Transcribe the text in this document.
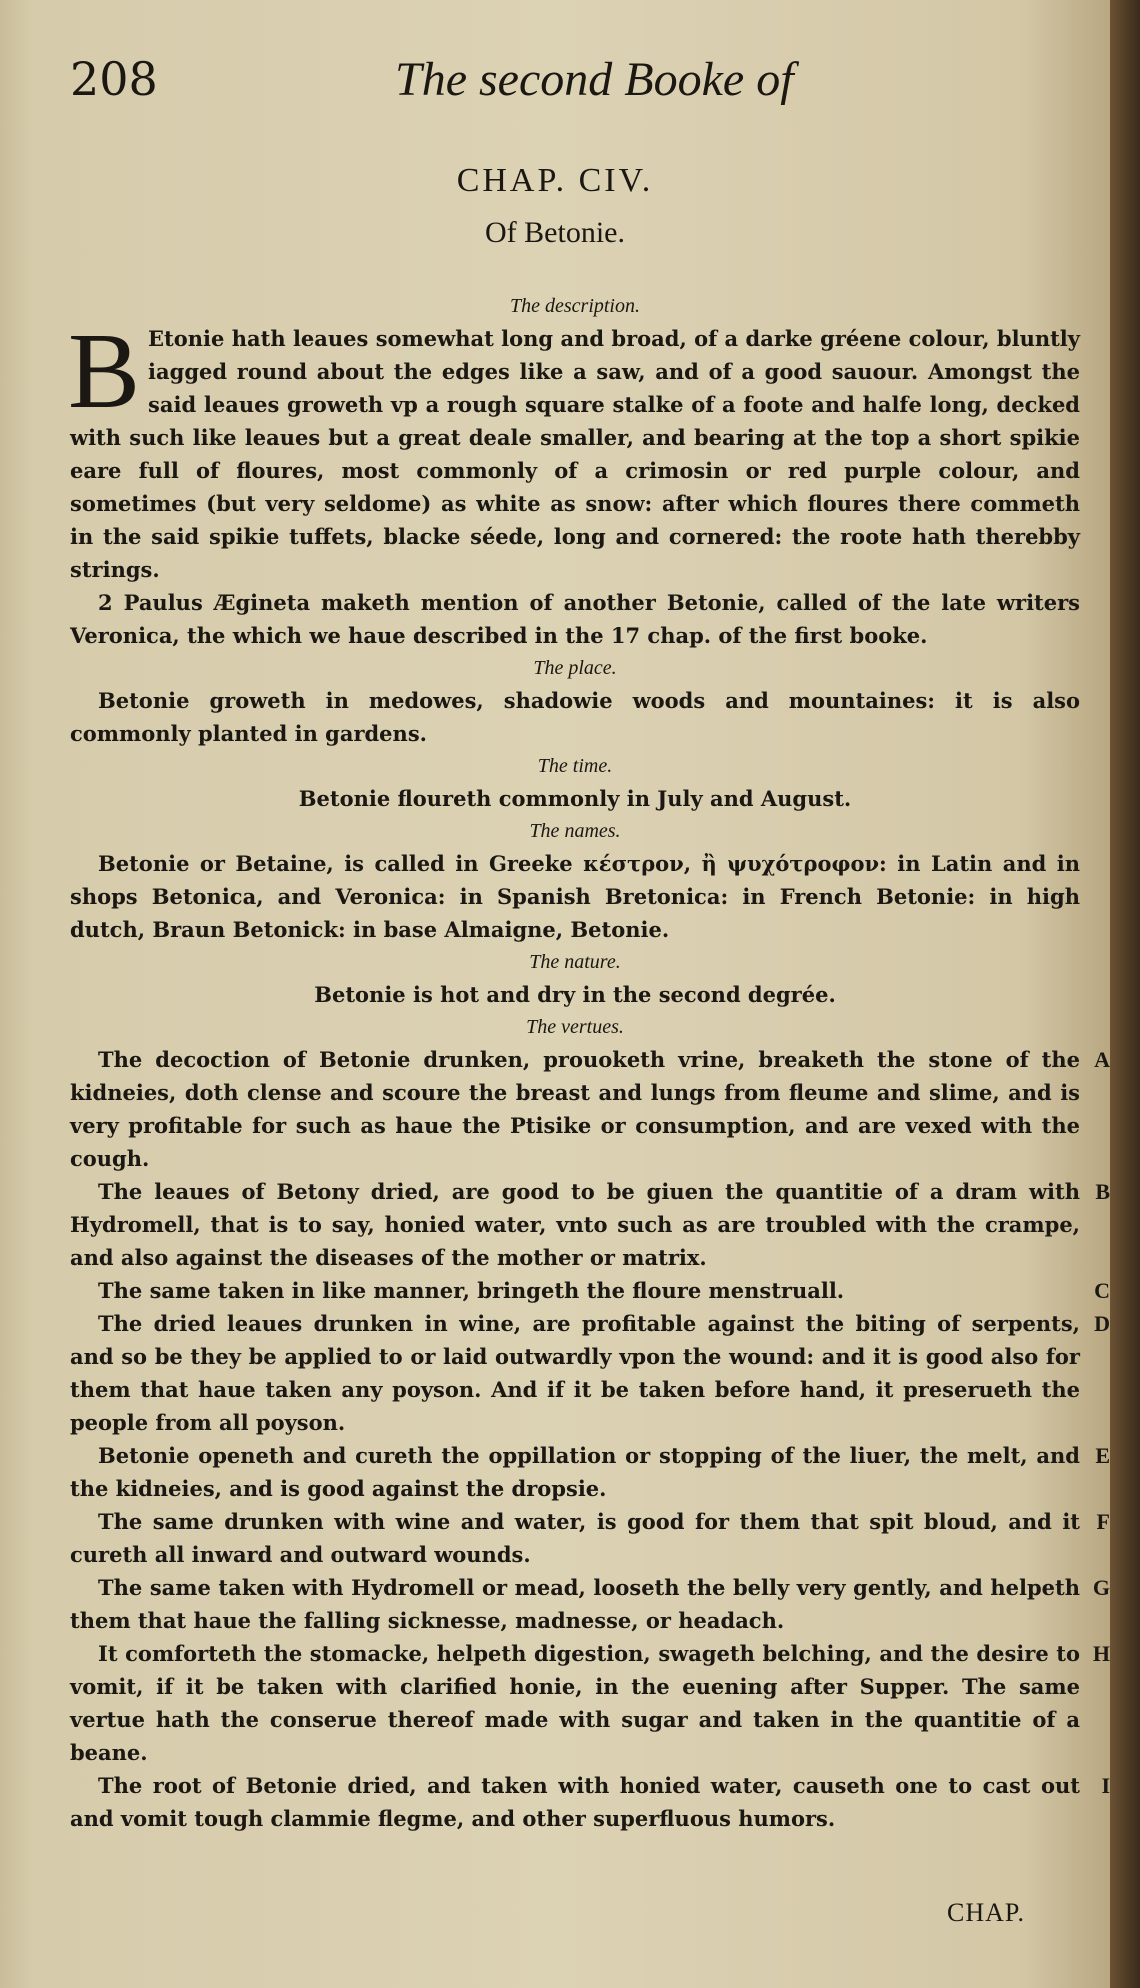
208	The second Booke of
CHAP. CIV.
Of Betonie.
The description.

B Etonie hath leaues somewhat long and broad, of a darke gréene colour, bluntly iagged round about the edges like a saw, and of a good sauour. Amongst the said leaues groweth vp a rough square stalke of a foote and halfe long, decked with such like leaues but a great deale smaller, and bearing at the top a short spikie eare full of floures, most commonly of a crimosin or red purple colour, and sometimes (but very seldome) as white as snow: after which floures there commeth in the said spikie tuffets, blacke séede, long and cornered: the roote hath therebby strings.

2 Paulus Ægineta maketh mention of another Betonie, called of the late writers Veronica, the which we haue described in the 17 chap. of the first booke.

The place.

Betonie groweth in medowes, shadowie woods and mountaines: it is also commonly planted in gardens.

The time.

Betonie floureth commonly in July and August.

The names.

Betonie or Betaine, is called in Greeke κέστρον, ἢ ψυχότροφον: in Latin and in shops Betonica, and Veronica: in Spanish Bretonica: in French Betonie: in high dutch, Braun Betonick: in base Almaigne, Betonie.

The nature.

Betonie is hot and dry in the second degrée.

The vertues.
A
The decoction of Betonie drunken, prouoketh vrine, breaketh the stone of the kidneies, doth clense and scoure the breast and lungs from fleume and slime, and is very profitable for such as haue the Ptisike or consumption, and are vexed with the cough.
B
The leaues of Betony dried, are good to be giuen the quantitie of a dram with Hydromell, that is to say, honied water, vnto such as are troubled with the crampe, and also against the diseases of the mother or matrix.
C
The same taken in like manner, bringeth the floure menstruall.
D
The dried leaues drunken in wine, are profitable against the biting of serpents, and so be they be applied to or laid outwardly vpon the wound: and it is good also for them that haue taken any poyson. And if it be taken before hand, it preserueth the people from all poyson.
E
Betonie openeth and cureth the oppillation or stopping of the liuer, the melt, and the kidneies, and is good against the dropsie.
F
The same drunken with wine and water, is good for them that spit bloud, and it cureth all inward and outward wounds.
G
The same taken with Hydromell or mead, looseth the belly very gently, and helpeth them that haue the falling sicknesse, madnesse, or headach.
H
It comforteth the stomacke, helpeth digestion, swageth belching, and the desire to vomit, if it be taken with clarified honie, in the euening after Supper. The same vertue hath the conserue thereof made with sugar and taken in the quantitie of a beane.
I
The root of Betonie dried, and taken with honied water, causeth one to cast out and vomit tough clammie flegme, and other superfluous humors.
CHAP.
